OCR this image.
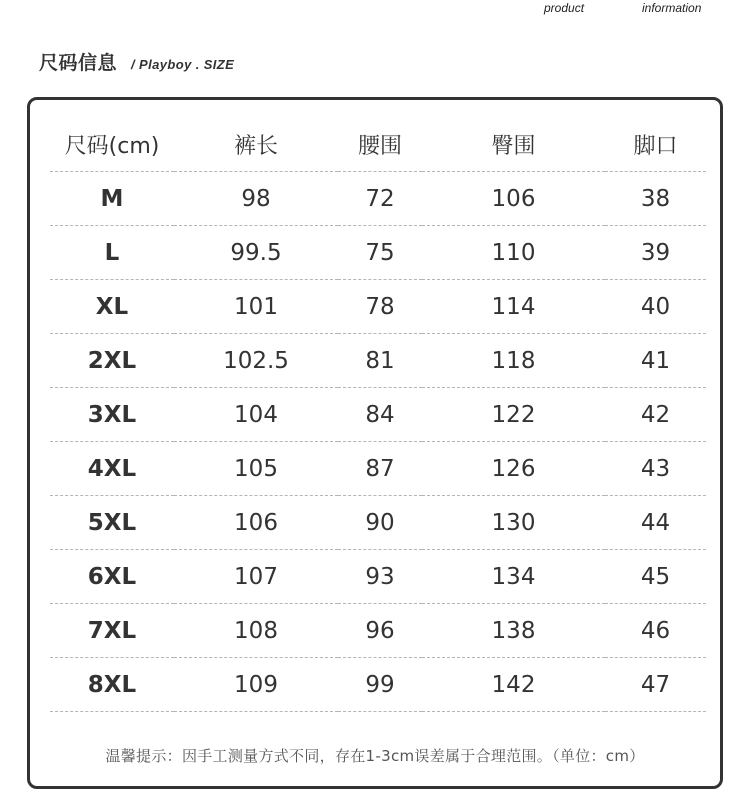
product	information
尺码信息 / Playboy . SIZE
尺码(cm)	裤长	腰围	臀围	脚口
M	98	72	106	38
L	99.5	75	110	39
XL	101	78	114	40
2XL	102.5	81	118	41
3XL	104	84	122	42
4XL	105	87	126	43
5XL	106	90	130	44
6XL	107	93	134	45
7XL	108	96	138	46
8XL	109	99	142	47
温馨提示：因手工测量方式不同，存在1-3cm误差属于合理范围。（单位：cm）
